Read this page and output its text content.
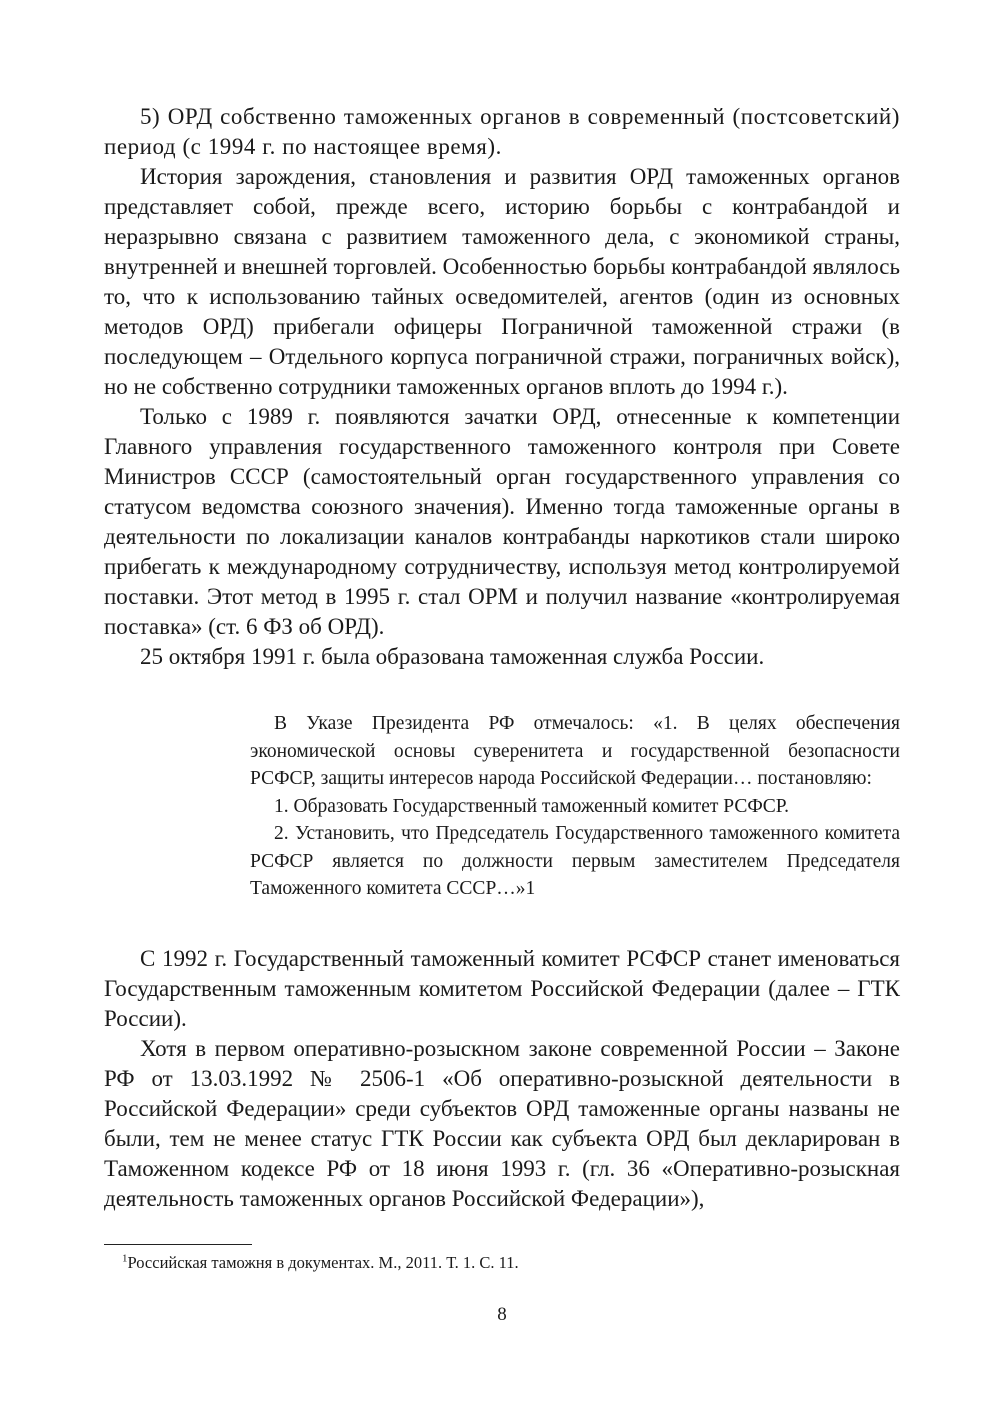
5) ОРД собственно таможенных органов в современный (постсоветский) период (с 1994 г. по настоящее время).

История зарождения, становления и развития ОРД таможенных органов представляет собой, прежде всего, историю борьбы с контрабандой и неразрывно связана с развитием таможенного дела, с экономикой страны, внутренней и внешней торговлей. Особенностью борьбы контрабандой являлось то, что к использованию тайных осведомителей, агентов (один из основных методов ОРД) прибегали офицеры Пограничной таможенной стражи (в последующем – Отдельного корпуса пограничной стражи, пограничных войск), но не собственно сотрудники таможенных органов вплоть до 1994 г.).

Только с 1989 г. появляются зачатки ОРД, отнесенные к компетенции Главного управления государственного таможенного контроля при Совете Министров СССР (самостоятельный орган государственного управления со статусом ведомства союзного значения). Именно тогда таможенные органы в деятельности по локализации каналов контрабанды наркотиков стали широко прибегать к международному сотрудничеству, используя метод контролируемой поставки. Этот метод в 1995 г. стал ОРМ и получил название «контролируемая поставка» (ст. 6 ФЗ об ОРД).

25 октября 1991 г. была образована таможенная служба России.

В Указе Президента РФ отмечалось: «1. В целях обеспечения экономической основы суверенитета и государственной безопасности РСФСР, защиты интересов народа Российской Федерации… постановляю:

1. Образовать Государственный таможенный комитет РСФСР.

2. Установить, что Председатель Государственного таможенного комитета РСФСР является по должности первым заместителем Председателя Таможенного комитета СССР…»1

С 1992 г. Государственный таможенный комитет РСФСР станет именоваться Государственным таможенным комитетом Российской Федерации (далее – ГТК России).

Хотя в первом оперативно-розыскном законе современной России – Законе РФ от 13.03.1992 № 2506-1 «Об оперативно-розыскной деятельности в Российской Федерации» среди субъектов ОРД таможенные органы названы не были, тем не менее статус ГТК России как субъекта ОРД был декларирован в Таможенном кодексе РФ от 18 июня 1993 г. (гл. 36 «Оперативно-розыскная деятельность таможенных органов Российской Федерации»),

$^1$Российская таможня в документах. М., 2011. Т. 1. С. 11.
8
